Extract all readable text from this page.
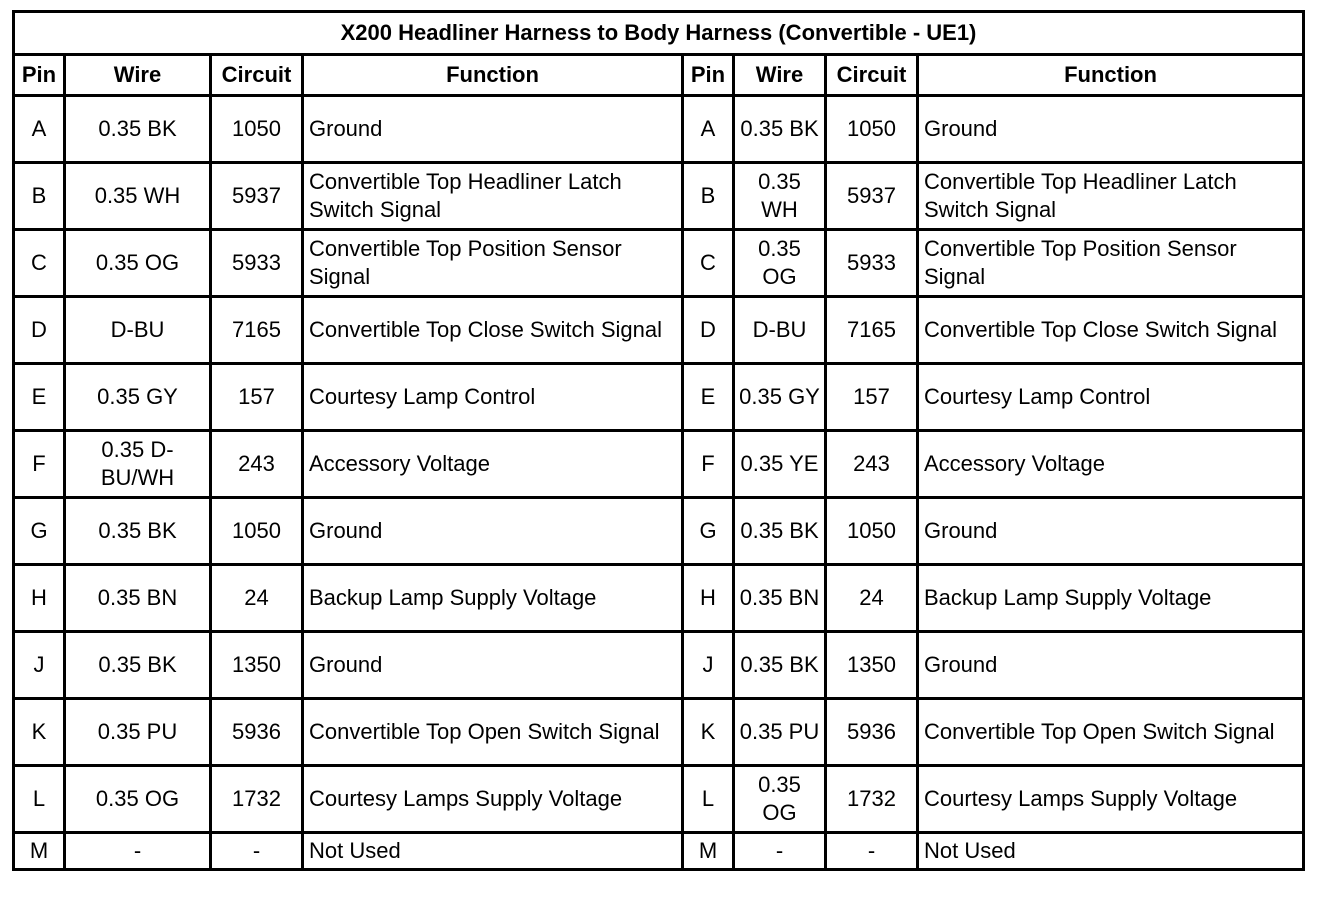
X200 Headliner Harness to Body Harness (Convertible - UE1)							
Pin	Wire	Circuit	Function	Pin	Wire	Circuit	Function
A	0.35 BK	1050	Ground	A	0.35 BK	1050	Ground
B	0.35 WH	5937	Convertible Top Headliner Latch Switch Signal	B	0.35 WH	5937	Convertible Top Headliner Latch Switch Signal
C	0.35 OG	5933	Convertible Top Position Sensor Signal	C	0.35 OG	5933	Convertible Top Position Sensor Signal
D	D-BU	7165	Convertible Top Close Switch Signal	D	D-BU	7165	Convertible Top Close Switch Signal
E	0.35 GY	157	Courtesy Lamp Control	E	0.35 GY	157	Courtesy Lamp Control
F	0.35 D-BU/WH	243	Accessory Voltage	F	0.35 YE	243	Accessory Voltage
G	0.35 BK	1050	Ground	G	0.35 BK	1050	Ground
H	0.35 BN	24	Backup Lamp Supply Voltage	H	0.35 BN	24	Backup Lamp Supply Voltage
J	0.35 BK	1350	Ground	J	0.35 BK	1350	Ground
K	0.35 PU	5936	Convertible Top Open Switch Signal	K	0.35 PU	5936	Convertible Top Open Switch Signal
L	0.35 OG	1732	Courtesy Lamps Supply Voltage	L	0.35 OG	1732	Courtesy Lamps Supply Voltage
M	-	-	Not Used	M	-	-	Not Used
